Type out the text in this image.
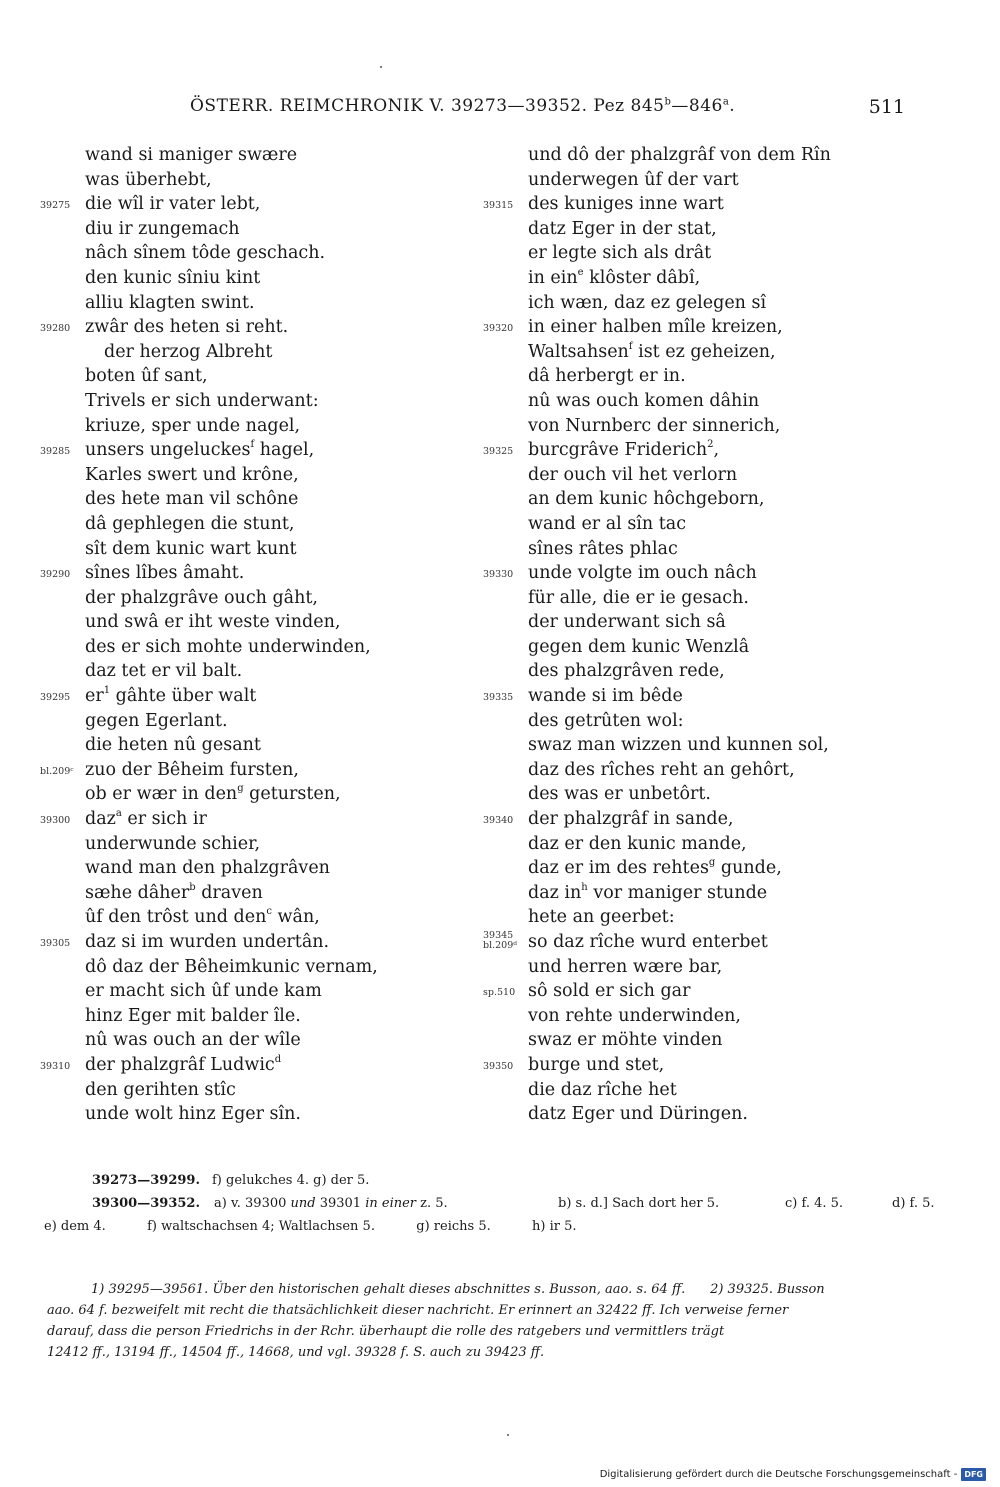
ÖSTERR. REIMCHRONIK V. 39273—39352. Pez 845$^b$—846$^a$.	511
wand si maniger swære
was überhebt,
39275 die wîl ir vater lebt,
diu ir zungemach
nâch sînem tôde geschach.
den kunic sîniu kint
alliu klagten swint.
39280 zwâr des heten si reht.
der herzog Albreht
boten ûf sant,
Trivels er sich underwant:
kriuze, sper unde nagel,
39285 unsers ungeluckes$^f$ hagel,
Karles swert und krône,
des hete man vil schône
dâ gephlegen die stunt,
sît dem kunic wart kunt
39290 sînes lîbes âmaht.
der phalzgrâve ouch gâht,
und swâ er iht weste vinden,
des er sich mohte underwinden,
daz tet er vil balt.
39295 $er^1$ gâhte über walt
gegen Egerlant.
die heten nû gesant
bl.209ᶜ zuo der Bêheim fursten,
ob er wær in den$^g$ getursten,
39300 daz$^a$ er sich ir
underwunde schier,
wand man den phalzgrâven
sæhe dâher$^b$ draven
ûf den trôst und den$^c$ wân,
39305 daz si im wurden undertân.
dô daz der Bêheimkunic vernam,
er macht sich ûf unde kam
hinz Eger mit balder île.
nû was ouch an der wîle
39310 der phalzgrâf Ludwic$^d$
den gerihten stîc
unde wolt hinz Eger sîn.
und dô der phalzgrâf von dem Rîn
underwegen ûf der vart
39315 des kuniges inne wart
datz Eger in der stat,
er legte sich als drât
in ein$^e$ klôster dâbî,
ich wæn, daz ez gelegen sî
39320 in einer halben mîle kreizen,
Waltsahsen$^f$ ist ez geheizen,
dâ herbergt er in.
nû was ouch komen dâhin
von Nurnberc der sinnerich,
39325 burcgrâve Friderich$^2$,
der ouch vil het verlorn
an dem kunic hôchgeborn,
wand er al sîn tac
sînes râtes phlac
39330 unde volgte im ouch nâch
für alle, die er ie gesach.
der underwant sich sâ
gegen dem kunic Wenzlâ
des phalzgrâven rede,
39335 wande si im bêde
des getrûten wol:
swaz man wizzen und kunnen sol,
daz des rîches reht an gehôrt,
des was er unbetôrt.
39340 der phalzgrâf in sande,
daz er den kunic mande,
daz er im des rehtes$^g$ gunde,
daz $in^h$ vor maniger stunde
hete an geerbet:
39345
bl.209ᵈ so daz rîche wurd enterbet
und herren wære bar,
sp.510 sô sold er sich gar
von rehte underwinden,
swaz er möhte vinden
39350 burge und stet,
die daz rîche het
datz Eger und Düringen.
39273—39299. f) gelukches 4. g) der 5.
39300—39352. a) v. 39300 und 39301 in einer z. 5.	b) s. d.] Sach dort her 5.	c) f. 4. 5.	d) f. 5.
e) dem 4.          f) waltschachsen 4; Waltlachsen 5.          g) reichs 5.          h) ir 5.
1) 39295—39561. Über den historischen gehalt dieses abschnittes s. Busson, aao. s. 64 ff.      2) 39325. Busson
aao. 64 f. bezweifelt mit recht die thatsächlichkeit dieser nachricht. Er erinnert an 32422 ff. Ich verweise ferner
darauf, dass die person Friedrichs in der Rchr. überhaupt die rolle des ratgebers und vermittlers trägt
12412 ff., 13194 ff., 14504 ff., 14668, und vgl. 39328 f. S. auch zu 39423 ff.
Digitalisierung gefördert durch die Deutsche Forschungsgemeinschaft - DFG
